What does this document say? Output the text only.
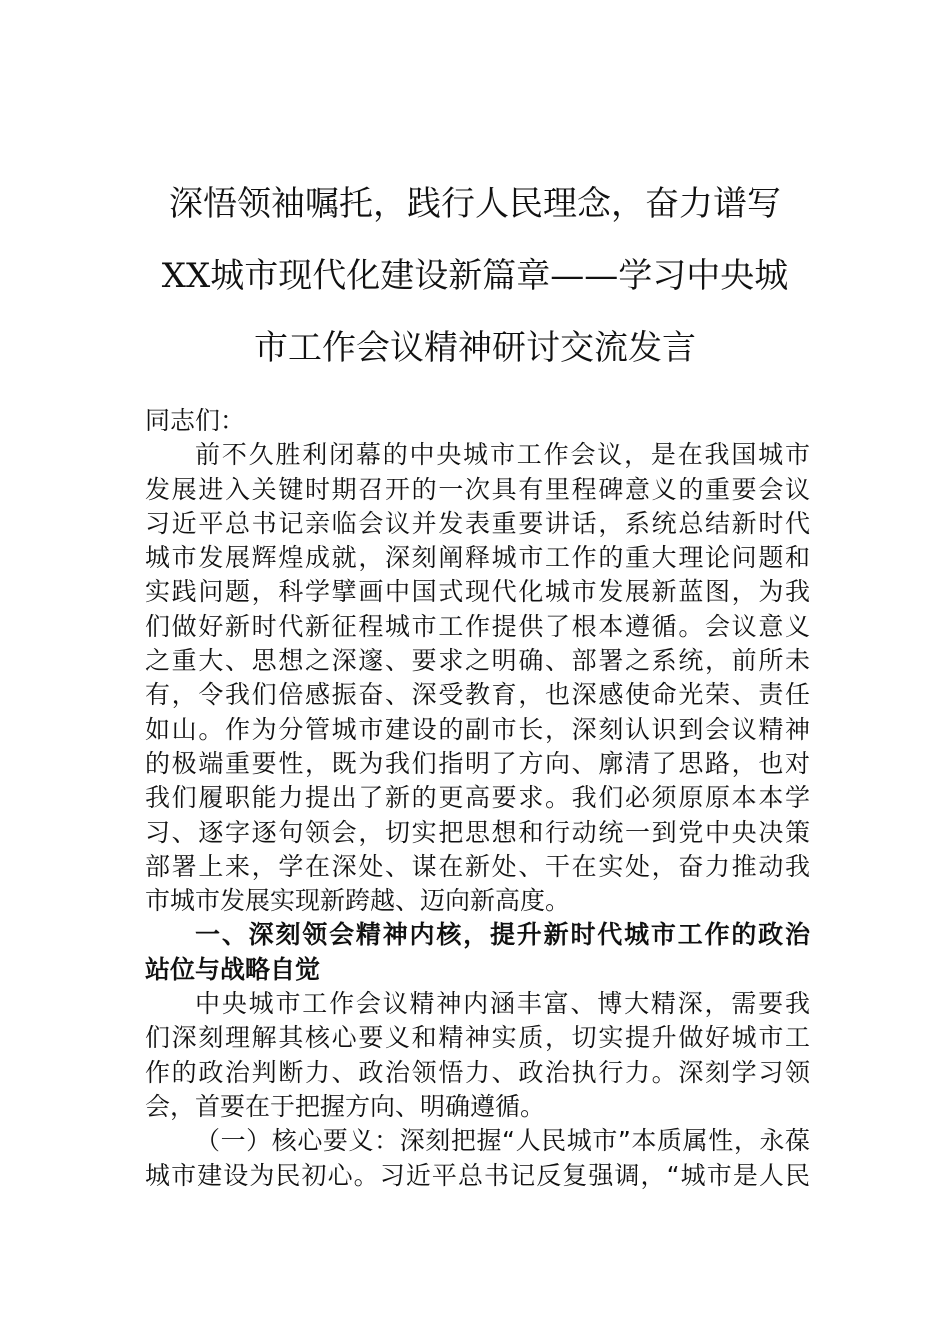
深悟领袖嘱托，践行人民理念，奋力谱写
XX城市现代化建设新篇章——学习中央城
市工作会议精神研讨交流发言
同志们：
前不久胜利闭幕的中央城市工作会议，是在我国城市
发展进入关键时期召开的一次具有里程碑意义的重要会议
习近平总书记亲临会议并发表重要讲话，系统总结新时代
城市发展辉煌成就，深刻阐释城市工作的重大理论问题和
实践问题，科学擘画中国式现代化城市发展新蓝图，为我
们做好新时代新征程城市工作提供了根本遵循。会议意义
之重大、思想之深邃、要求之明确、部署之系统，前所未
有，令我们倍感振奋、深受教育，也深感使命光荣、责任
如山。作为分管城市建设的副市长，深刻认识到会议精神
的极端重要性，既为我们指明了方向、廓清了思路，也对
我们履职能力提出了新的更高要求。我们必须原原本本学
习、逐字逐句领会，切实把思想和行动统一到党中央决策
部署上来，学在深处、谋在新处、干在实处，奋力推动我
市城市发展实现新跨越、迈向新高度。
一、深刻领会精神内核，提升新时代城市工作的政治
站位与战略自觉
中央城市工作会议精神内涵丰富、博大精深，需要我
们深刻理解其核心要义和精神实质，切实提升做好城市工
作的政治判断力、政治领悟力、政治执行力。深刻学习领
会，首要在于把握方向、明确遵循。
（一）核心要义：深刻把握“人民城市”本质属性，永葆
城市建设为民初心。习近平总书记反复强调，“城市是人民
